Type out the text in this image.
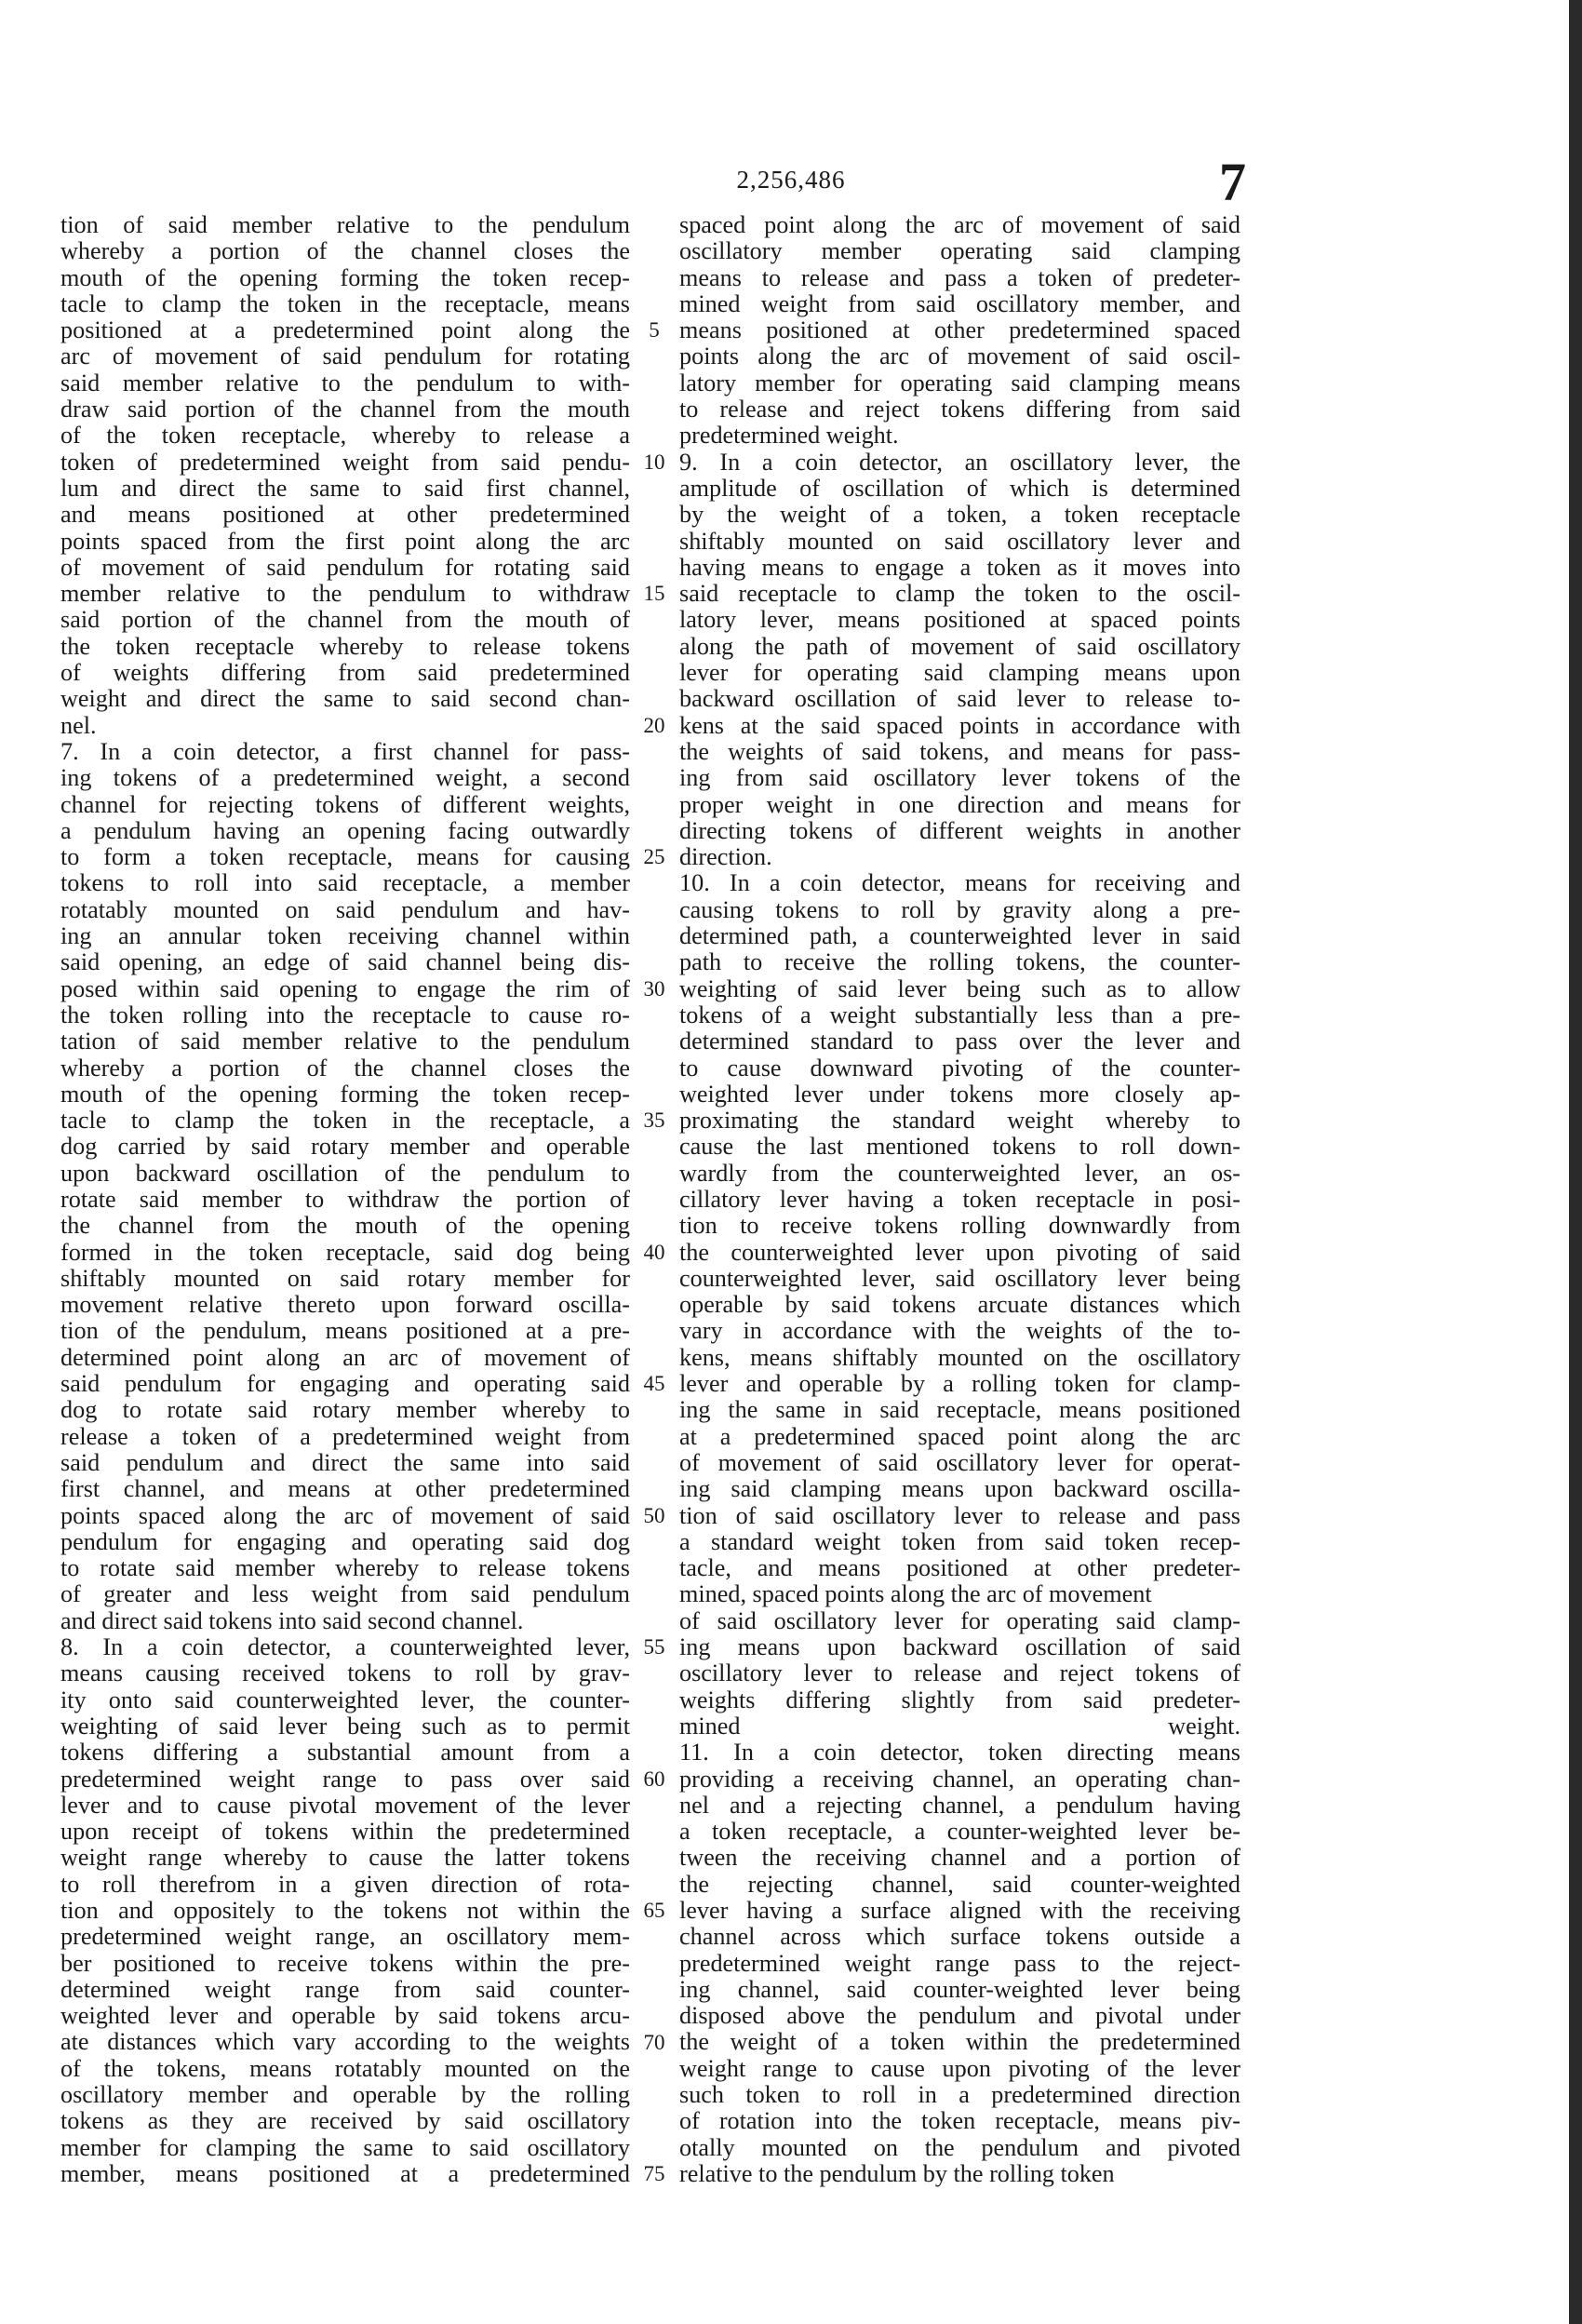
2,256,486	7
tion of said member relative to the pendulum
whereby a portion of the channel closes the
mouth of the opening forming the token recep-
tacle to clamp the token in the receptacle, means
positioned at a predetermined point along the
arc of movement of said pendulum for rotating
said member relative to the pendulum to with-
draw said portion of the channel from the mouth
of the token receptacle, whereby to release a
token of predetermined weight from said pendu-
lum and direct the same to said first channel,
and means positioned at other predetermined
points spaced from the first point along the arc
of movement of said pendulum for rotating said
member relative to the pendulum to withdraw
said portion of the channel from the mouth of
the token receptacle whereby to release tokens
of weights differing from said predetermined
weight and direct the same to said second chan-
nel.
7. In a coin detector, a first channel for pass-
ing tokens of a predetermined weight, a second
channel for rejecting tokens of different weights,
a pendulum having an opening facing outwardly
to form a token receptacle, means for causing
tokens to roll into said receptacle, a member
rotatably mounted on said pendulum and hav-
ing an annular token receiving channel within
said opening, an edge of said channel being dis-
posed within said opening to engage the rim of
the token rolling into the receptacle to cause ro-
tation of said member relative to the pendulum
whereby a portion of the channel closes the
mouth of the opening forming the token recep-
tacle to clamp the token in the receptacle, a
dog carried by said rotary member and operable
upon backward oscillation of the pendulum to
rotate said member to withdraw the portion of
the channel from the mouth of the opening
formed in the token receptacle, said dog being
shiftably mounted on said rotary member for
movement relative thereto upon forward oscilla-
tion of the pendulum, means positioned at a pre-
determined point along an arc of movement of
said pendulum for engaging and operating said
dog to rotate said rotary member whereby to
release a token of a predetermined weight from
said pendulum and direct the same into said
first channel, and means at other predetermined
points spaced along the arc of movement of said
pendulum for engaging and operating said dog
to rotate said member whereby to release tokens
of greater and less weight from said pendulum
and direct said tokens into said second channel.
8. In a coin detector, a counterweighted lever,
means causing received tokens to roll by grav-
ity onto said counterweighted lever, the counter-
weighting of said lever being such as to permit
tokens differing a substantial amount from a
predetermined weight range to pass over said
lever and to cause pivotal movement of the lever
upon receipt of tokens within the predetermined
weight range whereby to cause the latter tokens
to roll therefrom in a given direction of rota-
tion and oppositely to the tokens not within the
predetermined weight range, an oscillatory mem-
ber positioned to receive tokens within the pre-
determined weight range from said counter-
weighted lever and operable by said tokens arcu-
ate distances which vary according to the weights
of the tokens, means rotatably mounted on the
oscillatory member and operable by the rolling
tokens as they are received by said oscillatory
member for clamping the same to said oscillatory
member, means positioned at a predetermined
5
10
15
20
25
30
35
40
45
50
55
60
65
70
75
spaced point along the arc of movement of said
oscillatory member operating said clamping
means to release and pass a token of predeter-
mined weight from said oscillatory member, and
means positioned at other predetermined spaced
points along the arc of movement of said oscil-
latory member for operating said clamping means
to release and reject tokens differing from said
predetermined weight.
9. In a coin detector, an oscillatory lever, the
amplitude of oscillation of which is determined
by the weight of a token, a token receptacle
shiftably mounted on said oscillatory lever and
having means to engage a token as it moves into
said receptacle to clamp the token to the oscil-
latory lever, means positioned at spaced points
along the path of movement of said oscillatory
lever for operating said clamping means upon
backward oscillation of said lever to release to-
kens at the said spaced points in accordance with
the weights of said tokens, and means for pass-
ing from said oscillatory lever tokens of the
proper weight in one direction and means for
directing tokens of different weights in another
direction.
10. In a coin detector, means for receiving and
causing tokens to roll by gravity along a pre-
determined path, a counterweighted lever in said
path to receive the rolling tokens, the counter-
weighting of said lever being such as to allow
tokens of a weight substantially less than a pre-
determined standard to pass over the lever and
to cause downward pivoting of the counter-
weighted lever under tokens more closely ap-
proximating the standard weight whereby to
cause the last mentioned tokens to roll down-
wardly from the counterweighted lever, an os-
cillatory lever having a token receptacle in posi-
tion to receive tokens rolling downwardly from
the counterweighted lever upon pivoting of said
counterweighted lever, said oscillatory lever being
operable by said tokens arcuate distances which
vary in accordance with the weights of the to-
kens, means shiftably mounted on the oscillatory
lever and operable by a rolling token for clamp-
ing the same in said receptacle, means positioned
at a predetermined spaced point along the arc
of movement of said oscillatory lever for operat-
ing said clamping means upon backward oscilla-
tion of said oscillatory lever to release and pass
a standard weight token from said token recep-
tacle, and means positioned at other predeter-
mined, spaced points along the arc of movement
of said oscillatory lever for operating said clamp-
ing means upon backward oscillation of said
oscillatory lever to release and reject tokens of
weights differing slightly from said predeter-
mined weight.
11. In a coin detector, token directing means
providing a receiving channel, an operating chan-
nel and a rejecting channel, a pendulum having
a token receptacle, a counter-weighted lever be-
tween the receiving channel and a portion of
the rejecting channel, said counter-weighted
lever having a surface aligned with the receiving
channel across which surface tokens outside a
predetermined weight range pass to the reject-
ing channel, said counter-weighted lever being
disposed above the pendulum and pivotal under
the weight of a token within the predetermined
weight range to cause upon pivoting of the lever
such token to roll in a predetermined direction
of rotation into the token receptacle, means piv-
otally mounted on the pendulum and pivoted
relative to the pendulum by the rolling token
